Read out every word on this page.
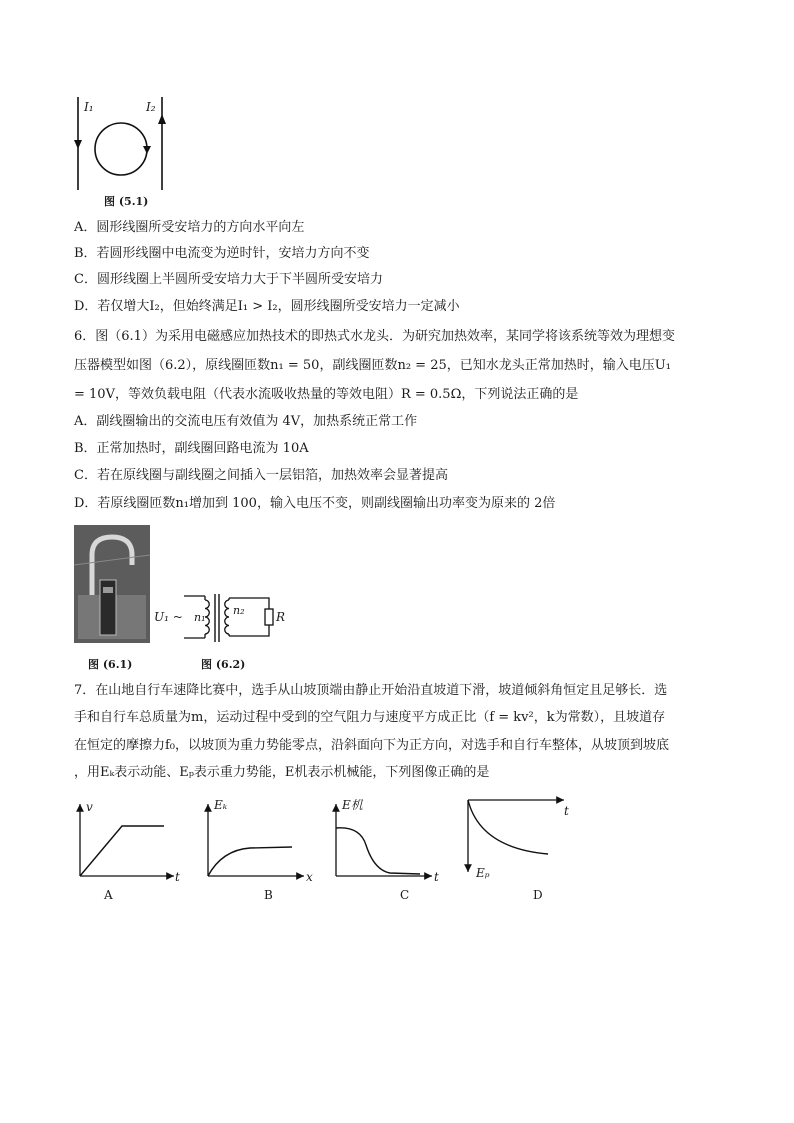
I₁	I₂
图 (5.1)
A．圆形线圈所受安培力的方向水平向左
B．若圆形线圈中电流变为逆时针，安培力方向不变
C．圆形线圈上半圆所受安培力大于下半圆所受安培力
D．若仅增大I₂，但始终满足I₁ > I₂，圆形线圈所受安培力一定减小
6．图（6.1）为采用电磁感应加热技术的即热式水龙头．为研究加热效率，某同学将该系统等效为理想变
压器模型如图（6.2），原线圈匝数n₁ = 50，副线圈匝数n₂ = 25，已知水龙头正常加热时，输入电压U₁
= 10V，等效负载电阻（代表水流吸收热量的等效电阻）R = 0.5Ω，下列说法正确的是
A．副线圈输出的交流电压有效值为 4V，加热系统正常工作
B．正常加热时，副线圈回路电流为 10A
C．若在原线圈与副线圈之间插入一层铝箔，加热效率会显著提高
D．若原线圈匝数n₁增加到 100，输入电压不变，则副线圈输出功率变为原来的 2倍
图 (6.1)
U₁ ~ n₁
n₂	R
图 (6.2)
7．在山地自行车速降比赛中，选手从山坡顶端由静止开始沿直坡道下滑，坡道倾斜角恒定且足够长．选
手和自行车总质量为m，运动过程中受到的空气阻力与速度平方成正比（f = kv²，k为常数），且坡道存
在恒定的摩擦力f₀，以坡顶为重力势能零点，沿斜面向下为正方向，对选手和自行车整体，从坡顶到坡底
，用Eₖ表示动能、Eₚ表示重力势能，E机表示机械能，下列图像正确的是
v
t
A
Eₖ
x
B
E机
t
C
Eₚ
t
D
